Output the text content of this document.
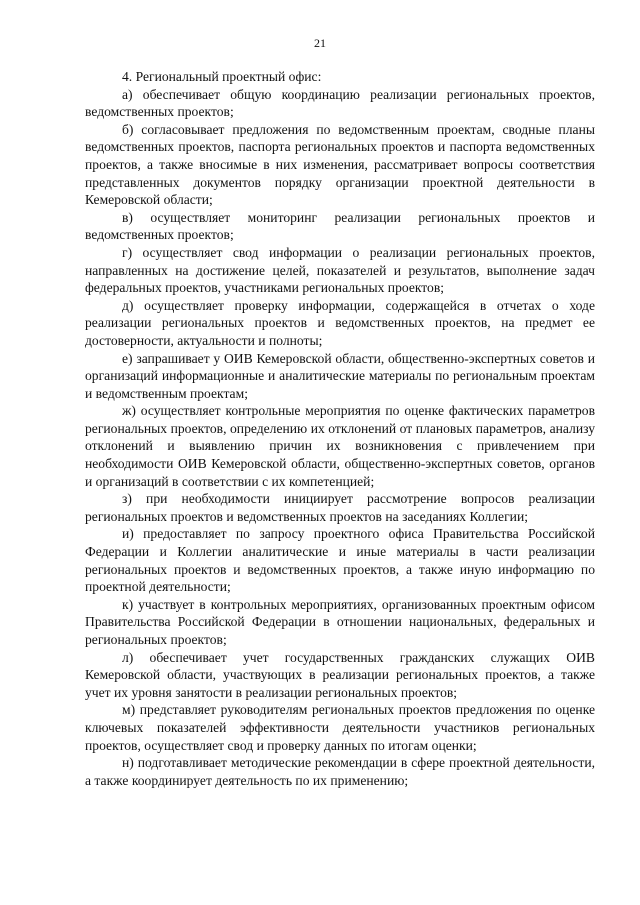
21

4. Региональный проектный офис:

а) обеспечивает общую координацию реализации региональных проектов, ведомственных проектов;

б) согласовывает предложения по ведомственным проектам, сводные планы ведомственных проектов, паспорта региональных проектов и паспорта ведомственных проектов, а также вносимые в них изменения, рассматривает вопросы соответствия представленных документов порядку организации проектной деятельности в Кемеровской области;

в) осуществляет мониторинг реализации региональных проектов и ведомственных проектов;

г) осуществляет свод информации о реализации региональных проектов, направленных на достижение целей, показателей и результатов, выполнение задач федеральных проектов, участниками региональных проектов;

д) осуществляет проверку информации, содержащейся в отчетах о ходе реализации региональных проектов и ведомственных проектов, на предмет ее достоверности, актуальности и полноты;

е) запрашивает у ОИВ Кемеровской области, общественно-экспертных советов и организаций информационные и аналитические материалы по региональным проектам и ведомственным проектам;

ж) осуществляет контрольные мероприятия по оценке фактических параметров региональных проектов, определению их отклонений от плановых параметров, анализу отклонений и выявлению причин их возникновения с привлечением при необходимости ОИВ Кемеровской области, общественно-экспертных советов, органов и организаций в соответствии с их компетенцией;

з) при необходимости инициирует рассмотрение вопросов реализации региональных проектов и ведомственных проектов на заседаниях Коллегии;

и) предоставляет по запросу проектного офиса Правительства Российской Федерации и Коллегии аналитические и иные материалы в части реализации региональных проектов и ведомственных проектов, а также иную информацию по проектной деятельности;

к) участвует в контрольных мероприятиях, организованных проектным офисом Правительства Российской Федерации в отношении национальных, федеральных и региональных проектов;

л) обеспечивает учет государственных гражданских служащих ОИВ Кемеровской области, участвующих в реализации региональных проектов, а также учет их уровня занятости в реализации региональных проектов;

м) представляет руководителям региональных проектов предложения по оценке ключевых показателей эффективности деятельности участников региональных проектов, осуществляет свод и проверку данных по итогам оценки;

н) подготавливает методические рекомендации в сфере проектной деятельности, а также координирует деятельность по их применению;
